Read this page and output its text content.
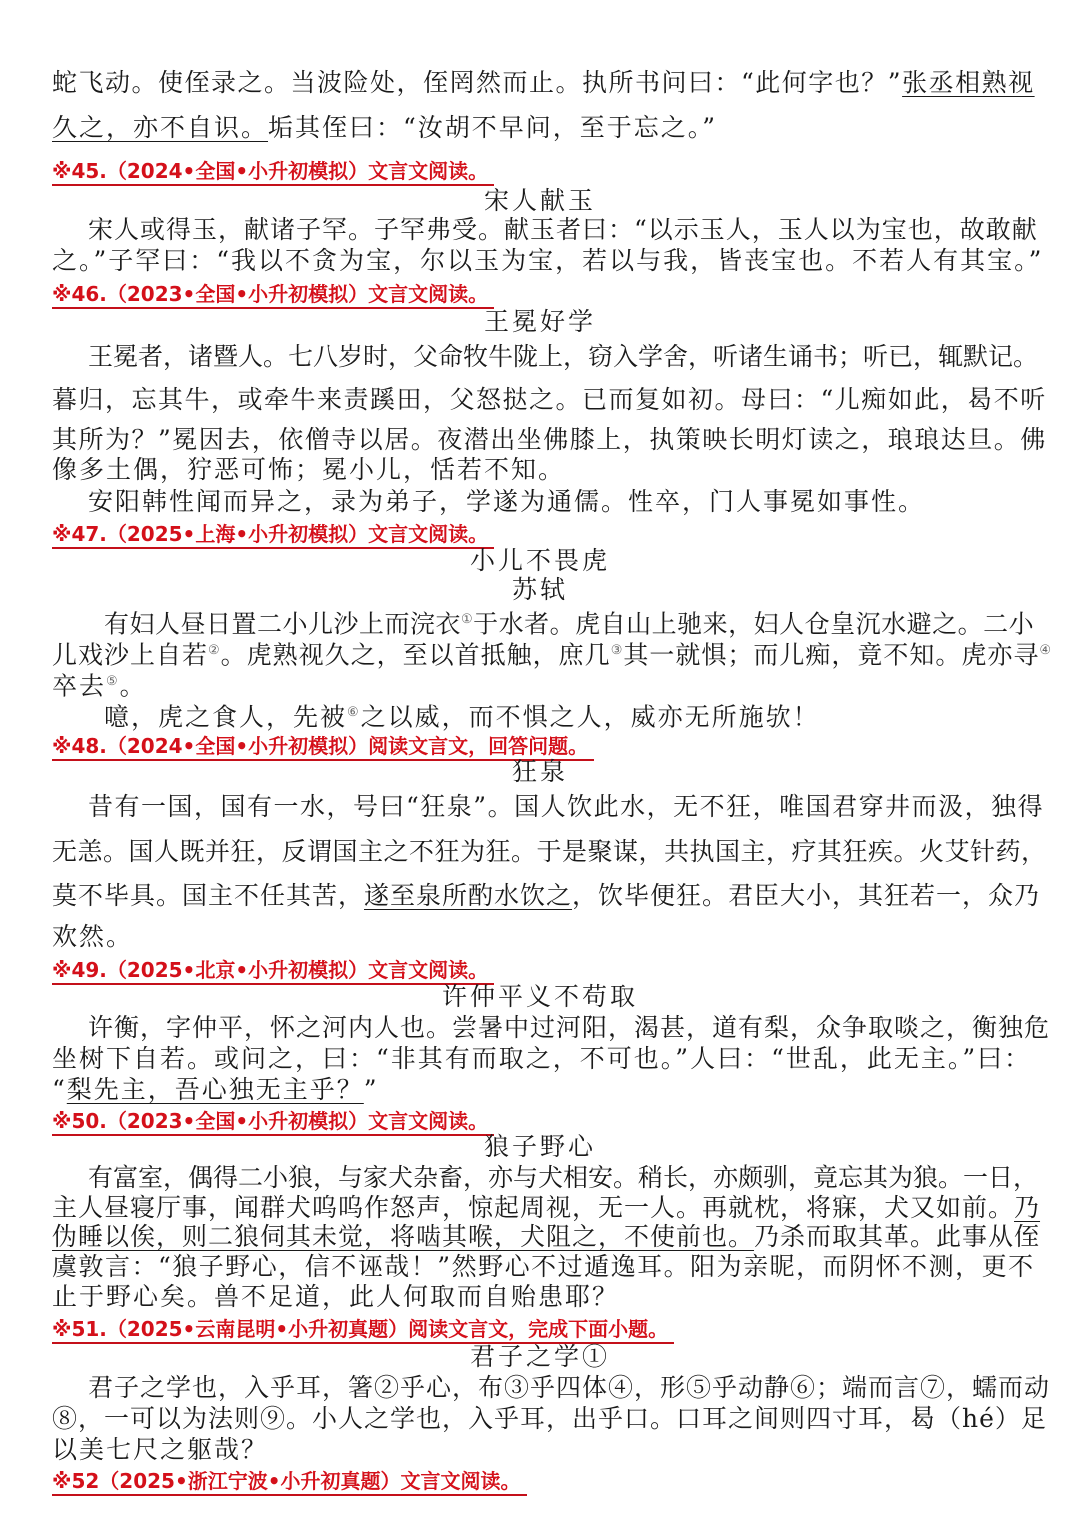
蛇飞动。使侄录之。当波险处，侄罔然而止。执所书问曰：“此何字也？”张丞相熟视
久之，亦不自识。垢其侄曰：“汝胡不早问，至于忘之。”
※45.（2024•全国•小升初模拟）文言文阅读。
宋人献玉
宋人或得玉，献诸子罕。子罕弗受。献玉者曰：“以示玉人，玉人以为宝也，故敢献
之。”子罕曰：“我以不贪为宝，尔以玉为宝，若以与我，皆丧宝也。不若人有其宝。”
※46.（2023•全国•小升初模拟）文言文阅读。
王冕好学
王冕者，诸暨人。七八岁时，父命牧牛陇上，窃入学舍，听诸生诵书；听已，辄默记。
暮归，忘其牛，或牵牛来责蹊田，父怒挞之。已而复如初。母曰：“儿痴如此，曷不听
其所为？”冕因去，依僧寺以居。夜潜出坐佛膝上，执策映长明灯读之，琅琅达旦。佛
像多土偶，狞恶可怖；冕小儿，恬若不知。
安阳韩性闻而异之，录为弟子，学遂为通儒。性卒，门人事冕如事性。
※47.（2025•上海•小升初模拟）文言文阅读。
小儿不畏虎
苏轼
有妇人昼日置二小儿沙上而浣衣①于水者。虎自山上驰来，妇人仓皇沉水避之。二小
儿戏沙上自若②。虎熟视久之，至以首抵触，庶几③其一就惧；而儿痴，竟不知。虎亦寻④
卒去⑤。
噫，虎之食人，先被⑥之以威，而不惧之人，威亦无所施欤！
※48.（2024•全国•小升初模拟）阅读文言文，回答问题。
狂泉
昔有一国，国有一水，号曰“狂泉”。国人饮此水，无不狂，唯国君穿井而汲，独得
无恙。国人既并狂，反谓国主之不狂为狂。于是聚谋，共执国主，疗其狂疾。火艾针药，
莫不毕具。国主不任其苦，遂至泉所酌水饮之，饮毕便狂。君臣大小，其狂若一，众乃
欢然。
※49.（2025•北京•小升初模拟）文言文阅读。
许仲平义不苟取
许衡，字仲平，怀之河内人也。尝暑中过河阳，渴甚，道有梨，众争取啖之，衡独危
坐树下自若。或问之，曰：“非其有而取之，不可也。”人曰：“世乱，此无主。”曰：
“梨先主，吾心独无主乎？”
※50.（2023•全国•小升初模拟）文言文阅读。
狼子野心
有富室，偶得二小狼，与家犬杂畜，亦与犬相安。稍长，亦颇驯，竟忘其为狼。一日，
主人昼寝厅事，闻群犬呜呜作怒声，惊起周视，无一人。再就枕，将寐，犬又如前。乃
伪睡以俟，则二狼伺其未觉，将啮其喉，犬阻之，不使前也。乃杀而取其革。此事从侄
虞敦言：“狼子野心，信不诬哉！”然野心不过遁逸耳。阳为亲昵，而阴怀不测，更不
止于野心矣。兽不足道，此人何取而自贻患耶？
※51.（2025•云南昆明•小升初真题）阅读文言文，完成下面小题。
君子之学①
君子之学也，入乎耳，箸②乎心，布③乎四体④，形⑤乎动静⑥；端而言⑦，蠕而动
⑧，一可以为法则⑨。小人之学也，入乎耳，出乎口。口耳之间则四寸耳，曷（hé）足
以美七尺之躯哉？
※52（2025•浙江宁波•小升初真题）文言文阅读。
